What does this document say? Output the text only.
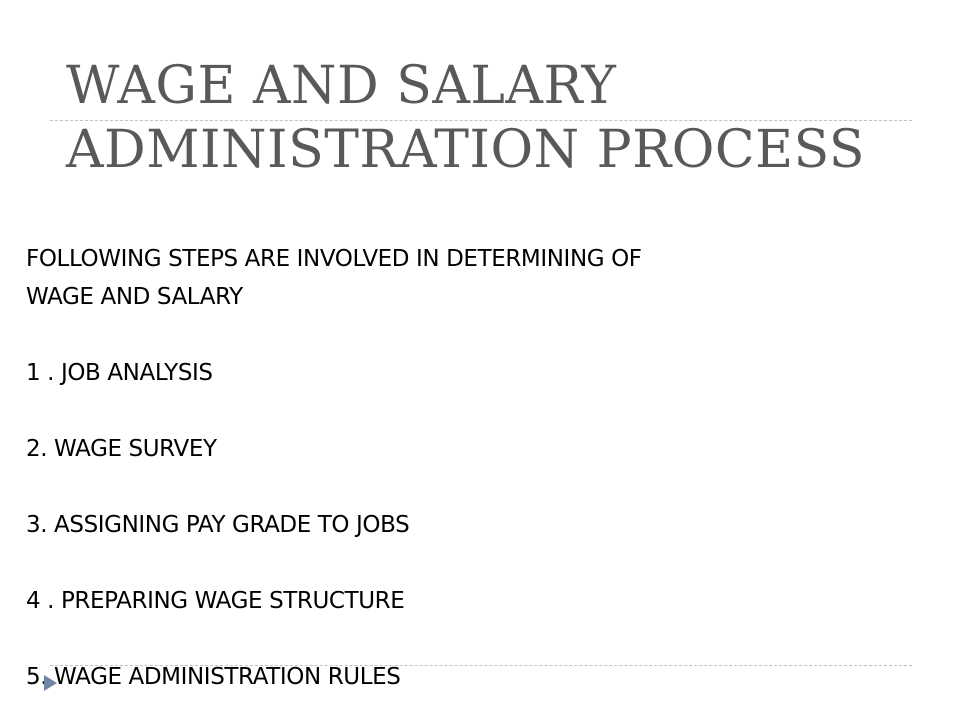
WAGE AND SALARY
ADMINISTRATION PROCESS

FOLLOWING STEPS ARE INVOLVED IN DETERMINING OF

WAGE AND SALARY

1 . JOB ANALYSIS

2. WAGE SURVEY

3. ASSIGNING PAY GRADE TO JOBS

4 . PREPARING WAGE STRUCTURE

5. WAGE ADMINISTRATION RULES
